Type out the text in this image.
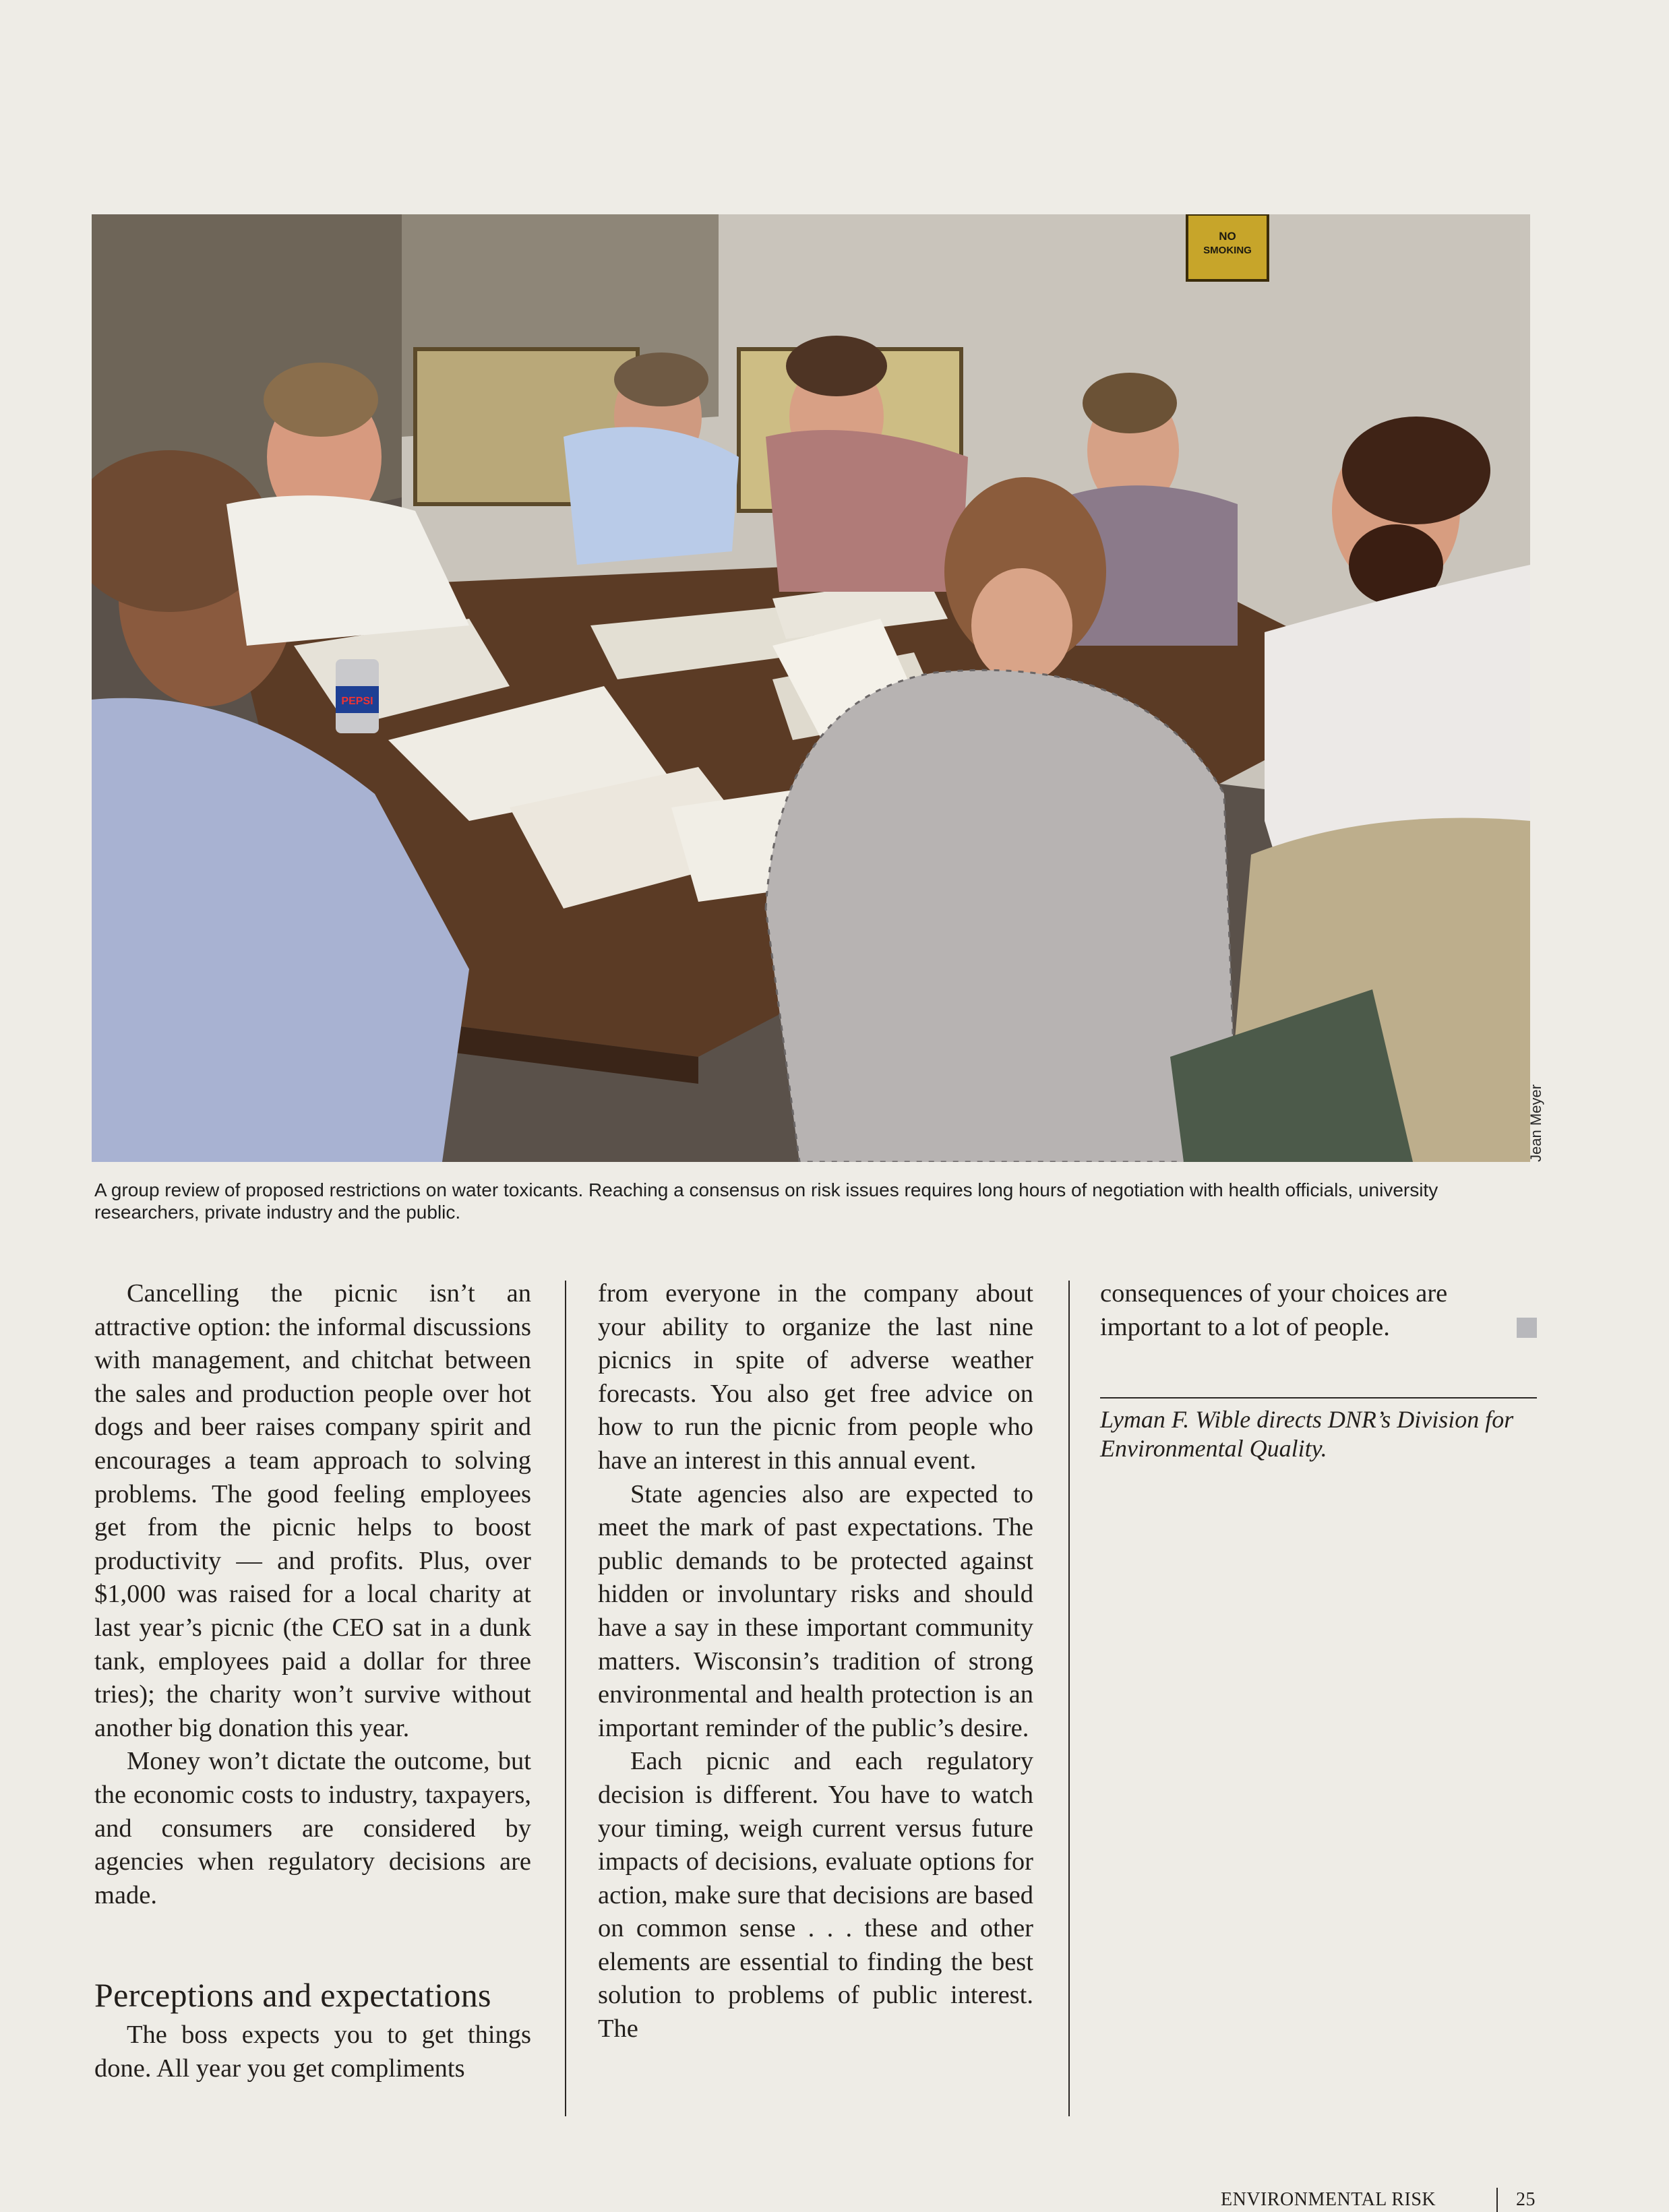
NO
SMOKING
PEPSI
Jean Meyer
A group review of proposed restrictions on water toxicants. Reaching a consensus on risk issues requires long hours of negotiation with health officials, university researchers, private industry and the public.

Cancelling the picnic isn’t an attractive option: the informal discussions with management, and chitchat between the sales and production people over hot dogs and beer raises company spirit and encourages a team approach to solving problems. The good feeling employees get from the picnic helps to boost productivity — and profits. Plus, over $1,000 was raised for a local charity at last year’s picnic (the CEO sat in a dunk tank, employees paid a dollar for three tries); the charity won’t survive without another big donation this year.

Money won’t dictate the outcome, but the economic costs to industry, taxpayers, and consumers are considered by agencies when regulatory decisions are made.

Perceptions and expectations

The boss expects you to get things done. All year you get compliments

from everyone in the company about your ability to organize the last nine picnics in spite of adverse weather forecasts. You also get free advice on how to run the picnic from people who have an interest in this annual event.

State agencies also are expected to meet the mark of past expectations. The public demands to be protected against hidden or involuntary risks and should have a say in these important community matters. Wisconsin’s tradition of strong environmental and health protection is an important reminder of the public’s desire.

Each picnic and each regulatory decision is different. You have to watch your timing, weigh current versus future impacts of decisions, evaluate options for action, make sure that decisions are based on common sense . . . these and other elements are essential to finding the best solution to problems of public interest. The

consequences of your choices are important to a lot of people.

Lyman F. Wible directs DNR’s Division for Environmental Quality.
ENVIRONMENTAL RISK	25
